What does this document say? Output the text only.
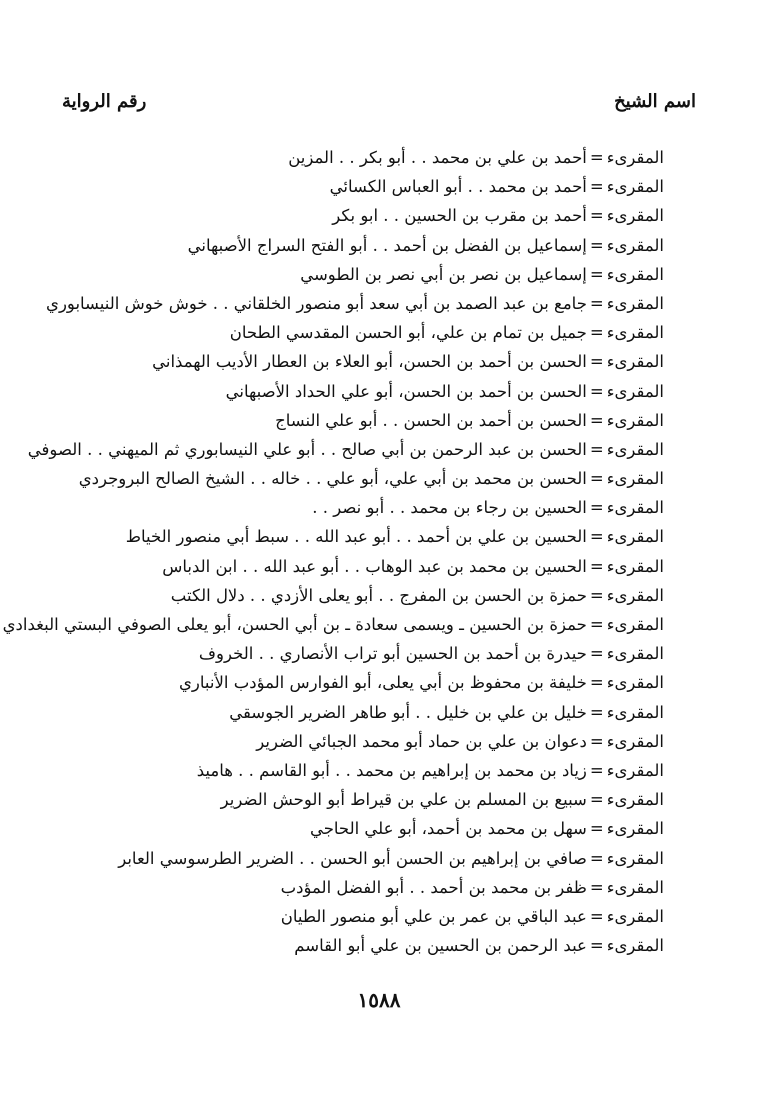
اسم الشيخ
رقم الرواية
المقرىء=أحمد بن علي بن محمد . . أبو بكر . . المزين
المقرىء=أحمد بن محمد . . أبو العباس الكسائي
المقرىء=أحمد بن مقرب بن الحسين . . ابو بكر
المقرىء=إسماعيل بن الفضل بن أحمد . . أبو الفتح السراج الأصبهاني
المقرىء=إسماعيل بن نصر بن أبي نصر بن الطوسي
المقرىء=جامع بن عبد الصمد بن أبي سعد أبو منصور الخلقاني . . خوش خوش النيسابوري
المقرىء=جميل بن تمام بن علي، أبو الحسن المقدسي الطحان
المقرىء=الحسن بن أحمد بن الحسن، أبو العلاء بن العطار الأديب الهمذاني
المقرىء=الحسن بن أحمد بن الحسن، أبو علي الحداد الأصبهاني
المقرىء=الحسن بن أحمد بن الحسن . . أبو علي النساج
المقرىء=الحسن بن عبد الرحمن بن أبي صالح . . أبو علي النيسابوري ثم الميهني . . الصوفي
المقرىء=الحسن بن محمد بن أبي علي، أبو علي . . خاله . . الشيخ الصالح البروجردي
المقرىء=الحسين بن رجاء بن محمد . . أبو نصر . .
المقرىء=الحسين بن علي بن أحمد . . أبو عبد الله . . سبط أبي منصور الخياط
المقرىء=الحسين بن محمد بن عبد الوهاب . . أبو عبد الله . . ابن الدباس
المقرىء=حمزة بن الحسن بن المفرج . . أبو يعلى الأزدي . . دلال الكتب
المقرىء=حمزة بن الحسين ـ ويسمى سعادة ـ بن أبي الحسن، أبو يعلى الصوفي البستي البغدادي
المقرىء=حيدرة بن أحمد بن الحسين أبو تراب الأنصاري . . الخروف
المقرىء=خليفة بن محفوظ بن أبي يعلى، أبو الفوارس المؤدب الأنباري
المقرىء=خليل بن علي بن خليل . . أبو طاهر الضرير الجوسقي
المقرىء=دعوان بن علي بن حماد أبو محمد الجبائي الضرير
المقرىء=زياد بن محمد بن إبراهيم بن محمد . . أبو القاسم . . هاميذ
المقرىء=سبيع بن المسلم بن علي بن قيراط أبو الوحش الضرير
المقرىء=سهل بن محمد بن أحمد، أبو علي الحاجي
المقرىء=صافي بن إبراهيم بن الحسن أبو الحسن . . الضرير الطرسوسي العابر
المقرىء=ظفر بن محمد بن أحمد . . أبو الفضل المؤدب
المقرىء=عبد الباقي بن عمر بن علي أبو منصور الطيان
المقرىء=عبد الرحمن بن الحسين بن علي أبو القاسم
١٥٨٨
